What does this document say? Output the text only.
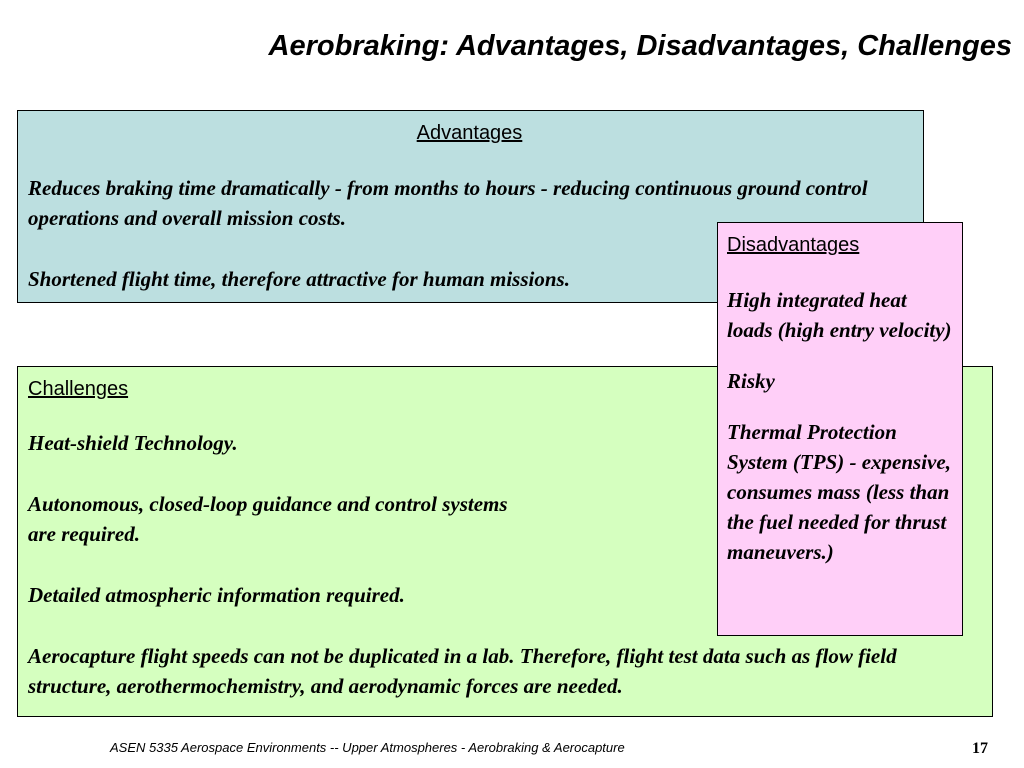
Aerobraking: Advantages, Disadvantages, Challenges
Advantages

Reduces braking time dramatically - from months to hours - reducing continuous ground control operations and overall mission costs.

Shortened flight time, therefore attractive for human missions.

Challenges

Heat-shield Technology.

Autonomous, closed-loop guidance and control systems are required.

Detailed atmospheric information required.

Aerocapture flight speeds can not be duplicated in a lab. Therefore, flight test data such as flow field structure, aerothermochemistry, and aerodynamic forces are needed.

Disadvantages

High integrated heat loads (high entry velocity)

Risky

Thermal Protection System (TPS) - expensive, consumes mass (less than the fuel needed for thrust maneuvers.)

ASEN 5335 Aerospace Environments -- Upper Atmospheres - Aerobraking & Aerocapture	17
